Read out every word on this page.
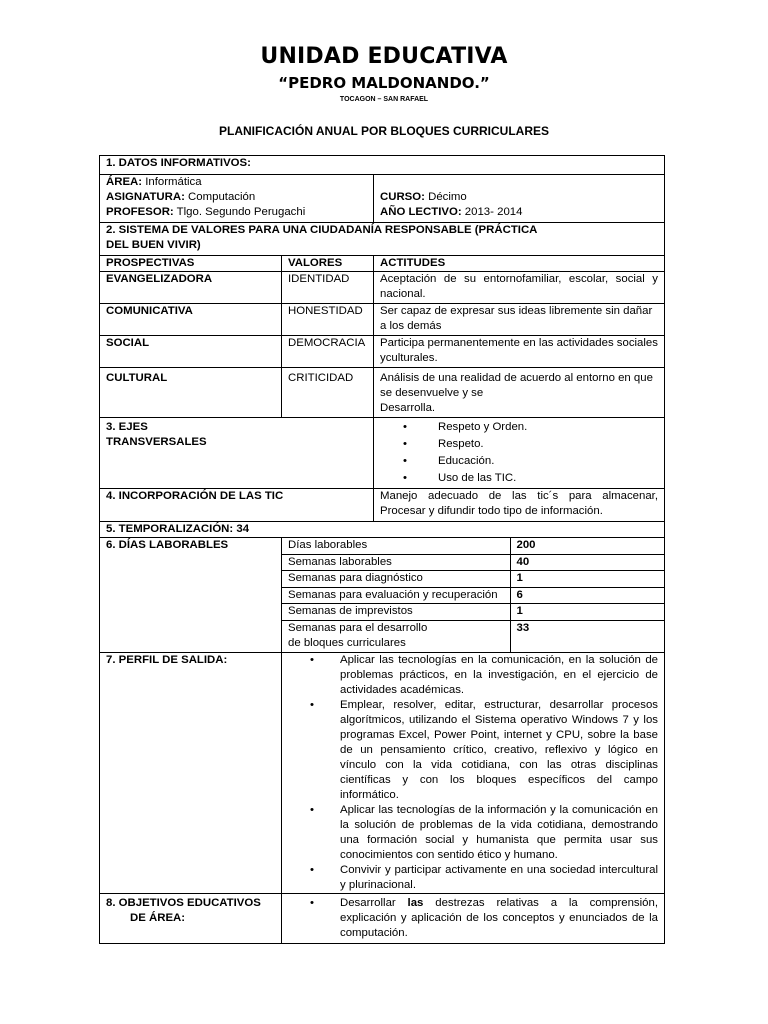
UNIDAD EDUCATIVA
“PEDRO MALDONANDO.”
TOCAGON – SAN RAFAEL
PLANIFICACIÓN ANUAL POR BLOQUES CURRICULARES
1. DATOS INFORMATIVOS:

ÁREA: Informática
ASIGNATURA: Computación
PROFESOR: Tlgo. Segundo Perugachi

CURSO: Décimo
AÑO LECTIVO: 2013- 2014

2. SISTEMA DE VALORES PARA UNA CIUDADANÍA RESPONSABLE (PRÁCTICA
DEL BUEN VIVIR)

PROSPECTIVAS	VALORES	ACTITUDES
EVANGELIZADORA	IDENTIDAD	Aceptación de su entornofamiliar, escolar, social y nacional.
COMUNICATIVA	HONESTIDAD	Ser capaz de expresar sus ideas libremente sin dañar a los demás
SOCIAL	DEMOCRACIA	Participa permanentemente en las actividades sociales yculturales.
CULTURAL	CRITICIDAD	Análisis de una realidad de acuerdo al entorno en que se desenvuelve y se
Desarrolla.

3. EJES
TRANSVERSALES

•	Respeto y Orden.
•	Respeto.
•	Educación.
•	Uso de las TIC.

4. INCORPORACIÓN DE LAS TIC	Manejo adecuado de las tic´s para almacenar,
Procesar y difundir todo tipo de información.

5. TEMPORALIZACIÓN: 34
6. DÍAS LABORABLES		Días laborables	200
Semanas laborables	40
Semanas para diagnóstico	1
Semanas para evaluación y recuperación	6
Semanas de imprevistos	1

Semanas para el desarrollo
de bloques curriculares
	33

7. PERFIL DE SALIDA:	• Aplicar las tecnologías en la comunicación, en la solución de problemas prácticos, en la investigación, en el ejercicio de actividades académicas.
• Emplear, resolver, editar, estructurar, desarrollar procesos algorítmicos, utilizando el Sistema operativo Windows 7 y los programas Excel, Power Point, internet y CPU, sobre la base de un pensamiento crítico, creativo, reflexivo y lógico en vínculo con la vida cotidiana, con las otras disciplinas científicas y con los bloques específicos del campo informático.
• Aplicar las tecnologías de la información y la comunicación en la solución de problemas de la vida cotidiana, demostrando una formación social y humanista que permita usar sus conocimientos con sentido ético y humano.
• Convivir y participar activamente en una sociedad intercultural y plurinacional.

8. OBJETIVOS EDUCATIVOS
DE ÁREA:

• Desarrollar las destrezas relativas a la comprensión, explicación y aplicación de los conceptos y enunciados de la computación.
